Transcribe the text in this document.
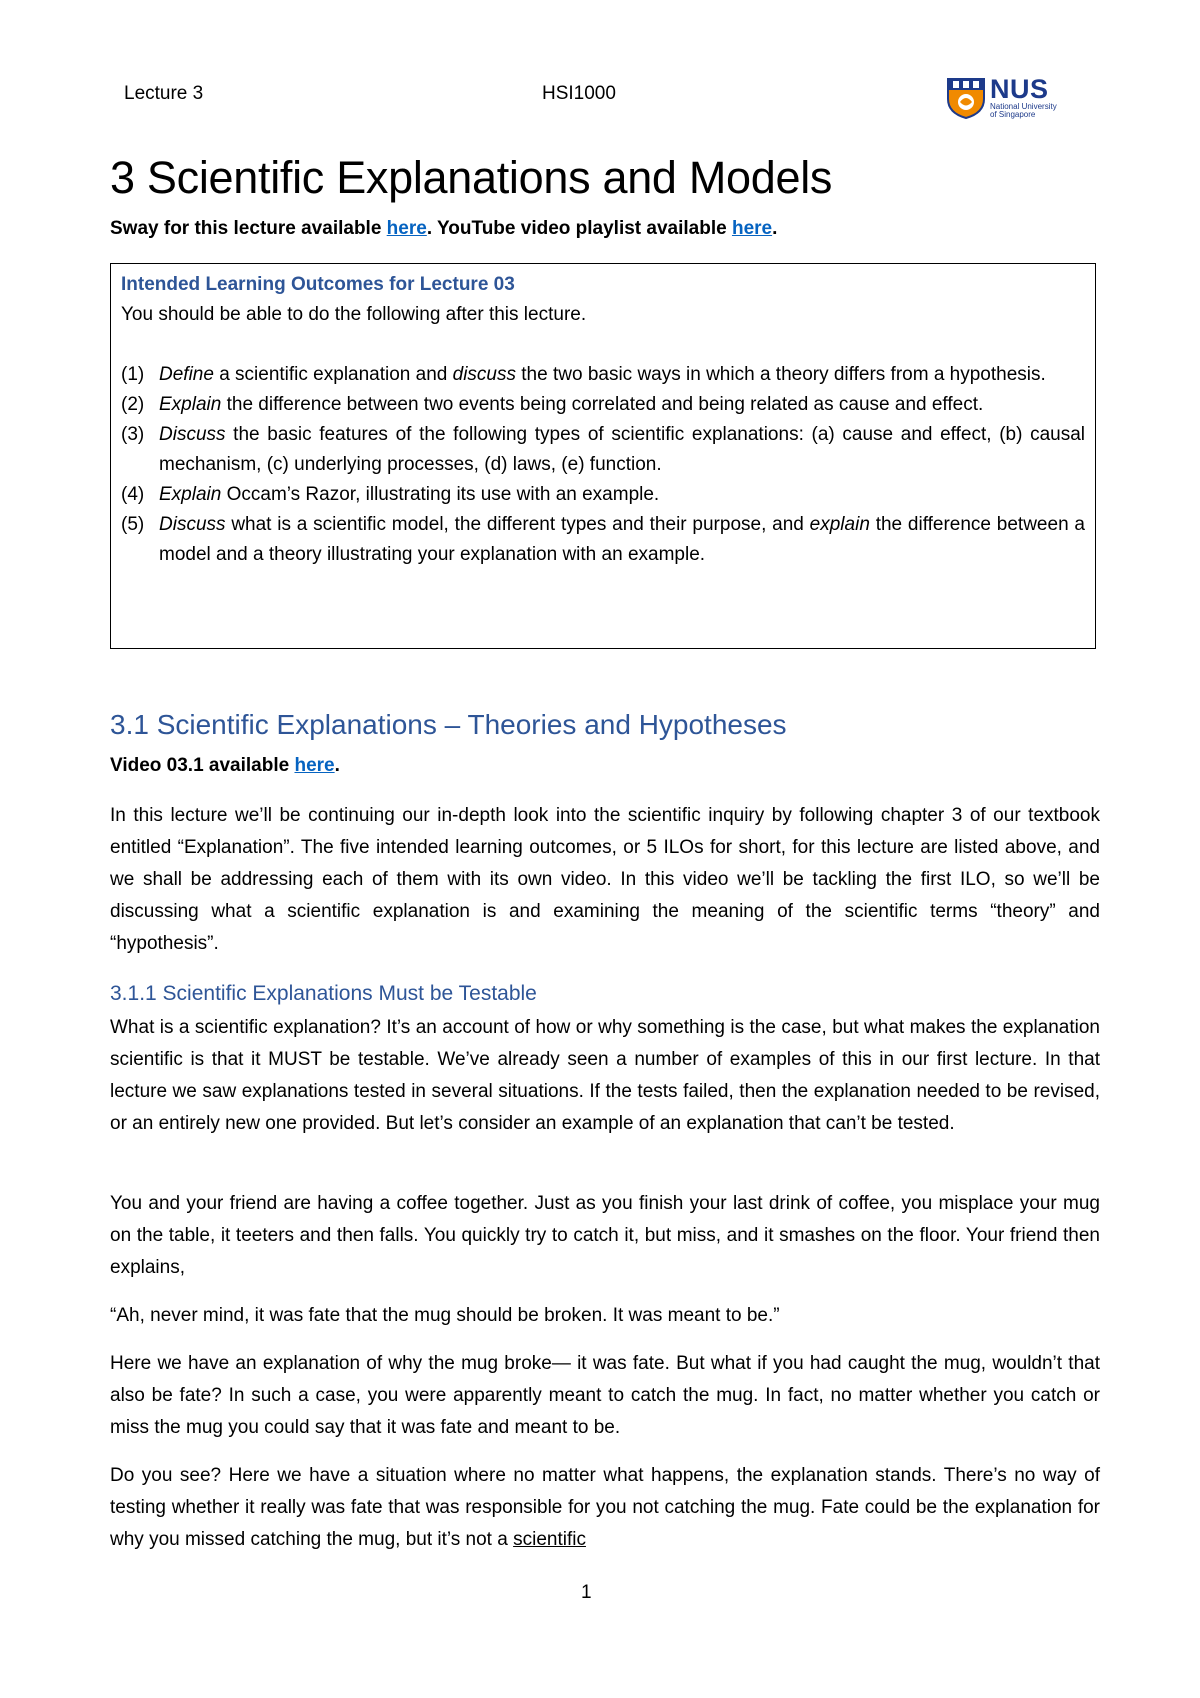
Lecture 3	HSI1000	NUS
National University
of Singapore
3 Scientific Explanations and Models
Sway for this lecture available here. YouTube video playlist available here.
Intended Learning Outcomes for Lecture 03
You should be able to do the following after this lecture.
(1) Define a scientific explanation and discuss the two basic ways in which a theory differs from a hypothesis.
(2) Explain the difference between two events being correlated and being related as cause and effect.
(3) Discuss the basic features of the following types of scientific explanations: (a) cause and effect, (b) causal mechanism, (c) underlying processes, (d) laws, (e) function.
(4) Explain Occam’s Razor, illustrating its use with an example.
(5) Discuss what is a scientific model, the different types and their purpose, and explain the difference between a model and a theory illustrating your explanation with an example.
3.1 Scientific Explanations – Theories and Hypotheses
Video 03.1 available here.

In this lecture we’ll be continuing our in-depth look into the scientific inquiry by following chapter 3 of our textbook entitled “Explanation”. The five intended learning outcomes, or 5 ILOs for short, for this lecture are listed above, and we shall be addressing each of them with its own video. In this video we’ll be tackling the first ILO, so we’ll be discussing what a scientific explanation is and examining the meaning of the scientific terms “theory” and “hypothesis”.

3.1.1 Scientific Explanations Must be Testable

What is a scientific explanation? It’s an account of how or why something is the case, but what makes the explanation scientific is that it MUST be testable. We’ve already seen a number of examples of this in our first lecture. In that lecture we saw explanations tested in several situations. If the tests failed, then the explanation needed to be revised, or an entirely new one provided. But let’s consider an example of an explanation that can’t be tested.

You and your friend are having a coffee together. Just as you finish your last drink of coffee, you misplace your mug on the table, it teeters and then falls. You quickly try to catch it, but miss, and it smashes on the floor. Your friend then explains,

“Ah, never mind, it was fate that the mug should be broken. It was meant to be.”

Here we have an explanation of why the mug broke— it was fate. But what if you had caught the mug, wouldn’t that also be fate? In such a case, you were apparently meant to catch the mug. In fact, no matter whether you catch or miss the mug you could say that it was fate and meant to be.

Do you see? Here we have a situation where no matter what happens, the explanation stands. There’s no way of testing whether it really was fate that was responsible for you not catching the mug. Fate could be the explanation for why you missed catching the mug, but it’s not a scientific

1
